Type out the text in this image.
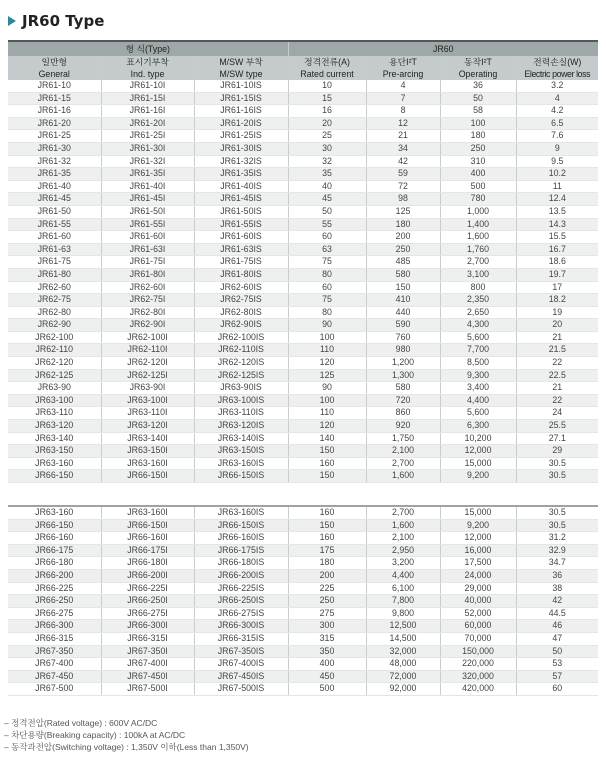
JR60 Type
형 식(Type)			JR60			
일반형	표시기부착	M/SW 부착	정격전류(A)	용단I²T	동작I²T	전력손실(W)
General	Ind. type	M/SW type	Rated current	Pre-arcing	Operating	Electric power loss
JR61-10	JR61-10I	JR61-10IS	10	4	36	3.2
JR61-15	JR61-15I	JR61-15IS	15	7	50	4
JR61-16	JR61-16I	JR61-16IS	16	8	58	4.2
JR61-20	JR61-20I	JR61-20IS	20	12	100	6.5
JR61-25	JR61-25I	JR61-25IS	25	21	180	7.6
JR61-30	JR61-30I	JR61-30IS	30	34	250	9
JR61-32	JR61-32I	JR61-32IS	32	42	310	9.5
JR61-35	JR61-35I	JR61-35IS	35	59	400	10.2
JR61-40	JR61-40I	JR61-40IS	40	72	500	11
JR61-45	JR61-45I	JR61-45IS	45	98	780	12.4
JR61-50	JR61-50I	JR61-50IS	50	125	1,000	13.5
JR61-55	JR61-55I	JR61-55IS	55	180	1,400	14.3
JR61-60	JR61-60I	JR61-60IS	60	200	1,600	15.5
JR61-63	JR61-63I	JR61-63IS	63	250	1,760	16.7
JR61-75	JR61-75I	JR61-75IS	75	485	2,700	18.6
JR61-80	JR61-80I	JR61-80IS	80	580	3,100	19.7
JR62-60	JR62-60I	JR62-60IS	60	150	800	17
JR62-75	JR62-75I	JR62-75IS	75	410	2,350	18.2
JR62-80	JR62-80I	JR62-80IS	80	440	2,650	19
JR62-90	JR62-90I	JR62-90IS	90	590	4,300	20
JR62-100	JR62-100I	JR62-100IS	100	760	5,600	21
JR62-110	JR62-110I	JR62-110IS	110	980	7,700	21.5
JR62-120	JR62-120I	JR62-120IS	120	1,200	8,500	22
JR62-125	JR62-125I	JR62-125IS	125	1,300	9,300	22.5
JR63-90	JR63-90I	JR63-90IS	90	580	3,400	21
JR63-100	JR63-100I	JR63-100IS	100	720	4,400	22
JR63-110	JR63-110I	JR63-110IS	110	860	5,600	24
JR63-120	JR63-120I	JR63-120IS	120	920	6,300	25.5
JR63-140	JR63-140I	JR63-140IS	140	1,750	10,200	27.1
JR63-150	JR63-150I	JR63-150IS	150	2,100	12,000	29
JR63-160	JR63-160I	JR63-160IS	160	2,700	15,000	30.5
JR66-150	JR66-150I	JR66-150IS	150	1,600	9,200	30.5
JR63-160	JR63-160I	JR63-160IS	160	2,700	15,000	30.5
JR66-150	JR66-150I	JR66-150IS	150	1,600	9,200	30.5
JR66-160	JR66-160I	JR66-160IS	160	2,100	12,000	31.2
JR66-175	JR66-175I	JR66-175IS	175	2,950	16,000	32.9
JR66-180	JR66-180I	JR66-180IS	180	3,200	17,500	34.7
JR66-200	JR66-200I	JR66-200IS	200	4,400	24,000	36
JR66-225	JR66-225I	JR66-225IS	225	6,100	29,000	38
JR66-250	JR66-250I	JR66-250IS	250	7,800	40,000	42
JR66-275	JR66-275I	JR66-275IS	275	9,800	52,000	44.5
JR66-300	JR66-300I	JR66-300IS	300	12,500	60,000	46
JR66-315	JR66-315I	JR66-315IS	315	14,500	70,000	47
JR67-350	JR67-350I	JR67-350IS	350	32,000	150,000	50
JR67-400	JR67-400I	JR67-400IS	400	48,000	220,000	53
JR67-450	JR67-450I	JR67-450IS	450	72,000	320,000	57
JR67-500	JR67-500I	JR67-500IS	500	92,000	420,000	60
– 정격전압(Rated voltage) : 600V AC/DC
– 차단용량(Breaking capacity) : 100kA at AC/DC
– 동작과전압(Switching voltage) : 1,350V 이하(Less than 1,350V)
